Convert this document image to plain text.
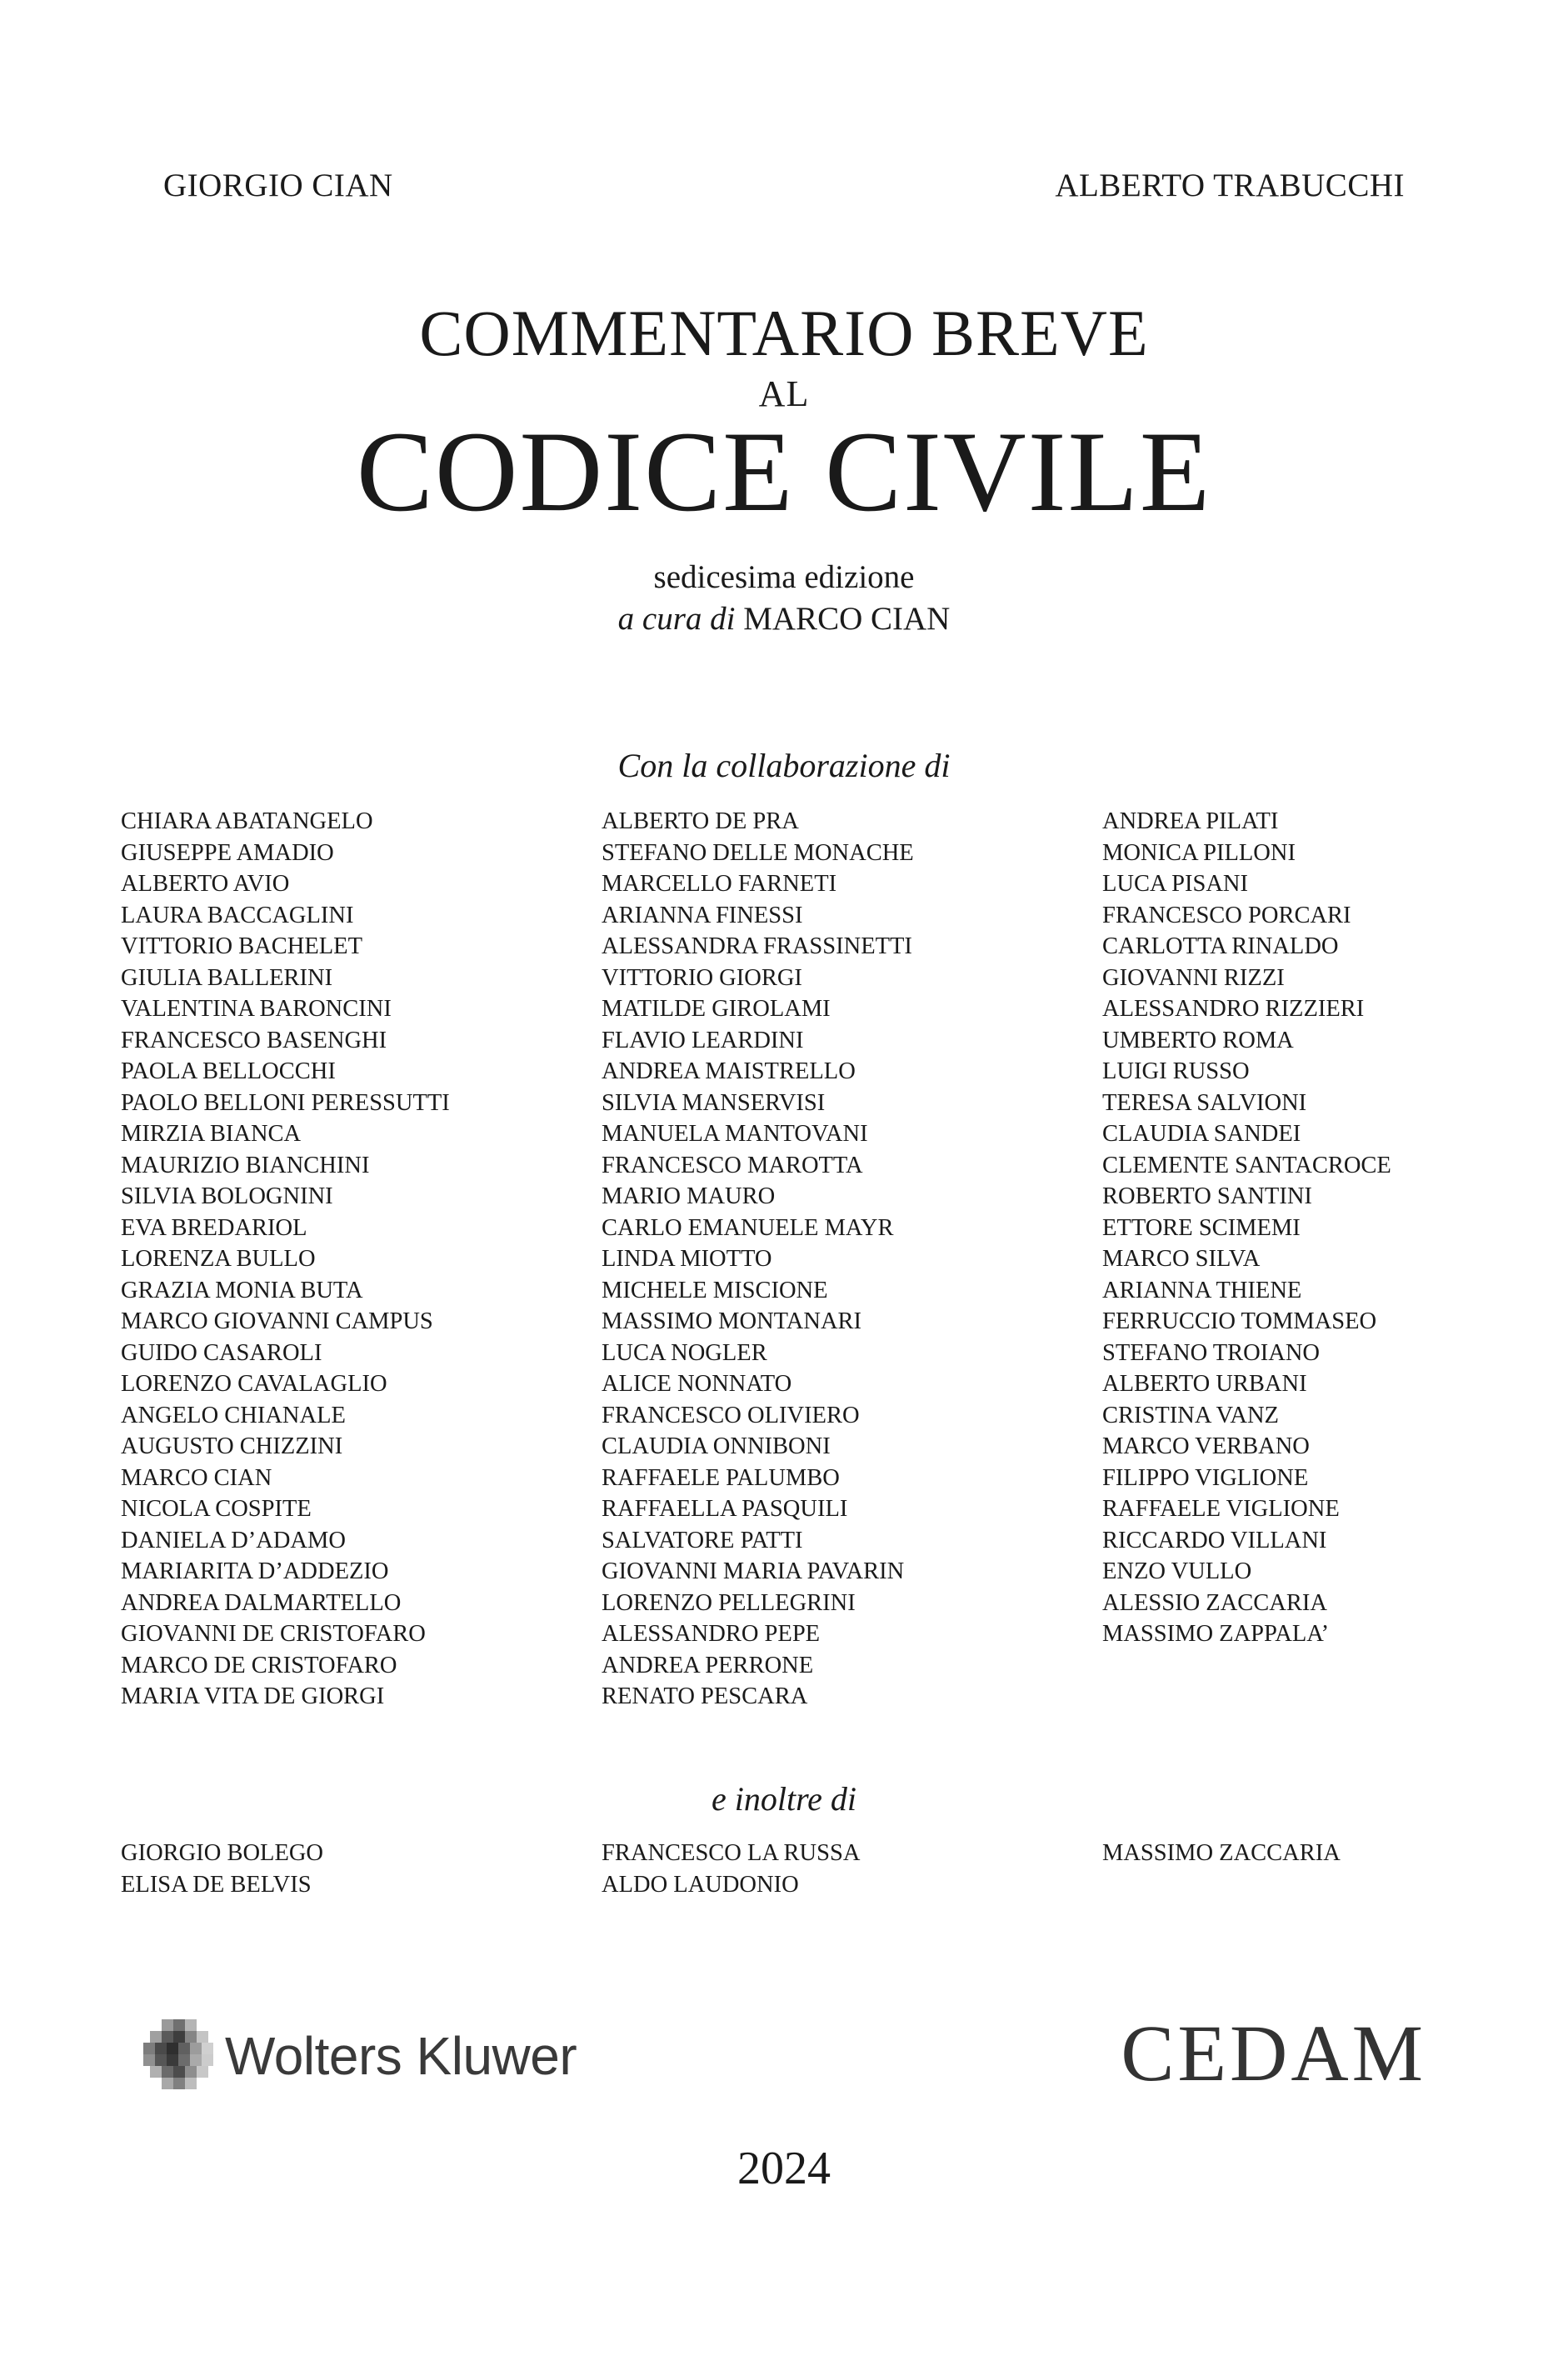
GIORGIO CIAN	ALBERTO TRABUCCHI
COMMENTARIO BREVE
AL
CODICE CIVILE
sedicesima edizione
a cura di MARCO CIAN
Con la collaborazione di
CHIARA ABATANGELO
GIUSEPPE AMADIO
ALBERTO AVIO
LAURA BACCAGLINI
VITTORIO BACHELET
GIULIA BALLERINI
VALENTINA BARONCINI
FRANCESCO BASENGHI
PAOLA BELLOCCHI
PAOLO BELLONI PERESSUTTI
MIRZIA BIANCA
MAURIZIO BIANCHINI
SILVIA BOLOGNINI
EVA BREDARIOL
LORENZA BULLO
GRAZIA MONIA BUTA
MARCO GIOVANNI CAMPUS
GUIDO CASAROLI
LORENZO CAVALAGLIO
ANGELO CHIANALE
AUGUSTO CHIZZINI
MARCO CIAN
NICOLA COSPITE
DANIELA D’ADAMO
MARIARITA D’ADDEZIO
ANDREA DALMARTELLO
GIOVANNI DE CRISTOFARO
MARCO DE CRISTOFARO
MARIA VITA DE GIORGI
ALBERTO DE PRA
STEFANO DELLE MONACHE
MARCELLO FARNETI
ARIANNA FINESSI
ALESSANDRA FRASSINETTI
VITTORIO GIORGI
MATILDE GIROLAMI
FLAVIO LEARDINI
ANDREA MAISTRELLO
SILVIA MANSERVISI
MANUELA MANTOVANI
FRANCESCO MAROTTA
MARIO MAURO
CARLO EMANUELE MAYR
LINDA MIOTTO
MICHELE MISCIONE
MASSIMO MONTANARI
LUCA NOGLER
ALICE NONNATO
FRANCESCO OLIVIERO
CLAUDIA ONNIBONI
RAFFAELE PALUMBO
RAFFAELLA PASQUILI
SALVATORE PATTI
GIOVANNI MARIA PAVARIN
LORENZO PELLEGRINI
ALESSANDRO PEPE
ANDREA PERRONE
RENATO PESCARA
ANDREA PILATI
MONICA PILLONI
LUCA PISANI
FRANCESCO PORCARI
CARLOTTA RINALDO
GIOVANNI RIZZI
ALESSANDRO RIZZIERI
UMBERTO ROMA
LUIGI RUSSO
TERESA SALVIONI
CLAUDIA SANDEI
CLEMENTE SANTACROCE
ROBERTO SANTINI
ETTORE SCIMEMI
MARCO SILVA
ARIANNA THIENE
FERRUCCIO TOMMASEO
STEFANO TROIANO
ALBERTO URBANI
CRISTINA VANZ
MARCO VERBANO
FILIPPO VIGLIONE
RAFFAELE VIGLIONE
RICCARDO VILLANI
ENZO VULLO
ALESSIO ZACCARIA
MASSIMO ZAPPALA’
e inoltre di
GIORGIO BOLEGO
ELISA DE BELVIS
FRANCESCO LA RUSSA
ALDO LAUDONIO
MASSIMO ZACCARIA
Wolters Kluwer	CEDAM
2024
